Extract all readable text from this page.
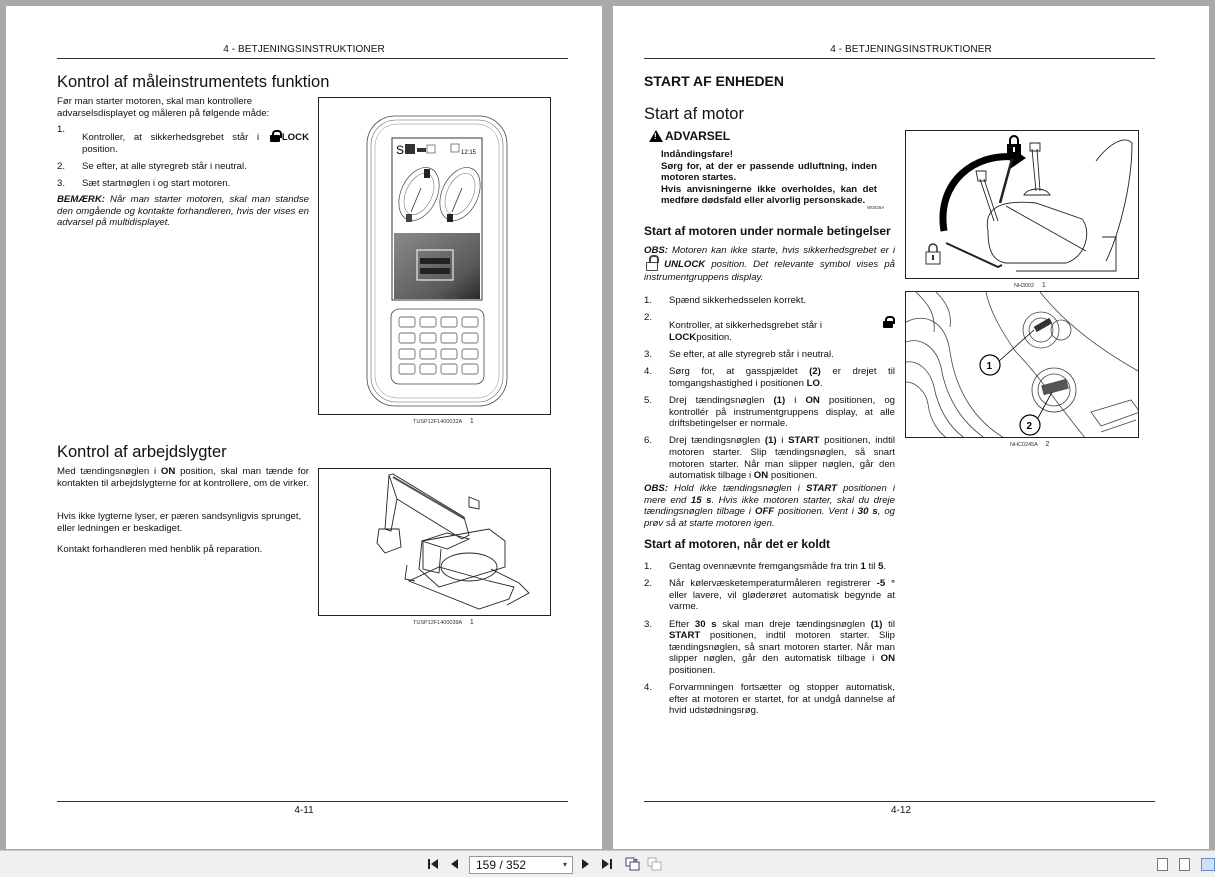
4 - BETJENINGSINSTRUKTIONER
Kontrol af måleinstrumentets funktion
Før man starter motoren, skal man kontrollere advarselsdisplayet og måleren på følgende måde:
1.
Kontroller, at sikkerhedsgrebet står i LOCK position.
2. Se efter, at alle styregreb står i neutral.
3. Sæt startnøglen i og start motoren.
BEMÆRK: Når man starter motoren, skal man standse den omgående og kontakte forhandleren, hvis der vises en advarsel på multidisplayet.
S	12:15
TUSP12F1400032A 1
Kontrol af arbejdslygter
Med tændingsnøglen i ON position, skal man tænde for kontakten til arbejdslygterne for at kontrollere, om de virker.
Hvis ikke lygterne lyser, er pæren sandsynligvis sprunget, eller ledningen er beskadiget.
Kontakt forhandleren med henblik på reparation.
TUSP12F1400039A 1
4-11
4 - BETJENINGSINSTRUKTIONER
START AF ENHEDEN
Start af motor
!
ADVARSEL
Indåndingsfare!
Sørg for, at der er passende udluftning, inden motoren startes.
Hvis anvisningerne ikke overholdes, kan det medføre dødsfald eller alvorlig personskade.
W0028A
Start af motoren under normale betingelser
OBS: Motoren kan ikke starte, hvis sikkerhedsgrebet er i  UNLOCK position. Det relevante symbol vises på instrumentgruppens display.
1. Spænd sikkerhedsselen korrekt.
2.
Kontroller, at sikkerhedsgrebet står i

LOCKposition.
3. Se efter, at alle styregreb står i neutral.
4. Sørg for, at gasspjældet (2) er drejet til tomgangshastighed i positionen LO.
5. Drej tændingsnøglen (1) i ON positionen, og kontrollér på instrumentgruppens display, at alle driftsbetingelser er normale.
6. Drej tændingsnøglen (1) i START positionen, indtil motoren starter. Slip tændingsnøglen, så snart motoren starter. Når man slipper nøglen, går den automatisk tilbage i ON positionen.
OBS: Hold ikke tændingsnøglen i START positionen i mere end 15 s. Hvis ikke motoren starter, skal du dreje tændingsnøglen tilbage i OFF positionen. Vent i 30 s, og prøv så at starte motoren igen.
Start af motoren, når det er koldt
1. Gentag ovennævnte fremgangsmåde fra trin 1 til 5.
2. Når kølervæsketemperaturmåleren registrerer -5 ° eller lavere, vil gløderøret automatisk begynde at varme.
3. Efter 30 s skal man dreje tændingsnøglen (1) til START positionen, indtil motoren starter. Slip tændingsnøglen, så snart motoren starter. Når man slipper nøglen, går den automatisk tilbage i ON positionen.
4. Forvarmningen fortsætter og stopper automatisk, efter at motoren er startet, for at undgå dannelse af hvid udstødningsrøg.
NH3002 1
1
2
NHC0245A 2
4-12
159 / 352	▾
